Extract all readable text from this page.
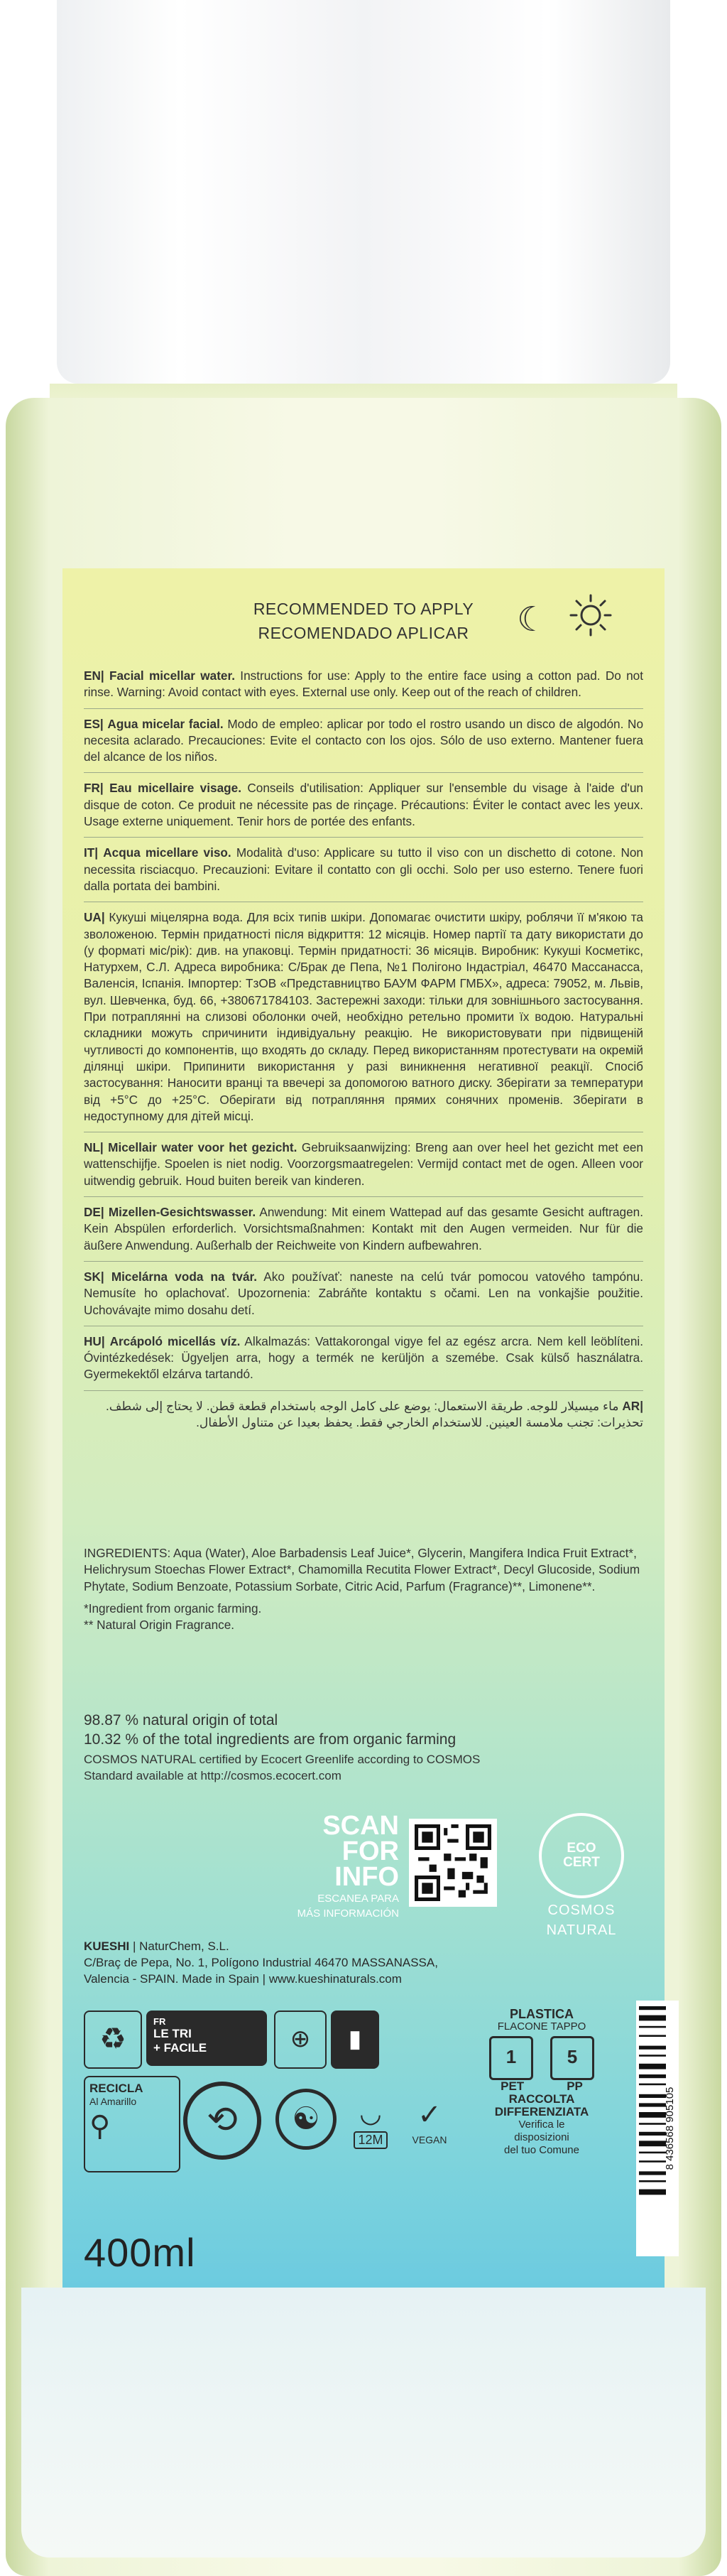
RECOMMENDED TO APPLY
RECOMENDADO APLICAR	☾

EN| Facial micellar water. Instructions for use: Apply to the entire face using a cotton pad. Do not rinse. Warning: Avoid contact with eyes. External use only. Keep out of the reach of children.

ES| Agua micelar facial. Modo de empleo: aplicar por todo el rostro usando un disco de algodón. No necesita aclarado. Precauciones: Evite el contacto con los ojos. Sólo de uso externo. Mantener fuera del alcance de los niños.

FR| Eau micellaire visage. Conseils d'utilisation: Appliquer sur l'ensemble du visage à l'aide d'un disque de coton. Ce produit ne nécessite pas de rinçage. Précautions: Éviter le contact avec les yeux. Usage externe uniquement. Tenir hors de portée des enfants.

IT| Acqua micellare viso. Modalità d'uso: Applicare su tutto il viso con un dischetto di cotone. Non necessita risciacquo. Precauzioni: Evitare il contatto con gli occhi. Solo per uso esterno. Tenere fuori dalla portata dei bambini.

UA| Кукуші міцелярна вода. Для всіх типів шкіри. Допомагає очистити шкіру, роблячи її м'якою та зволоженою. Термін придатності після відкриття: 12 місяців. Номер партії та дату використати до (у форматі міс/рік): див. на упаковці. Термін придатності: 36 місяців. Виробник: Кукуші Косметікс, Натурхем, С.Л. Адреса виробника: С/Брак де Пепа, №1 Полігоно Індастріал, 46470 Массанасса, Валенсія, Іспанія. Імпортер: ТзОВ «Представництво БАУМ ФАРМ ГМБХ», адреса: 79052, м. Львів, вул. Шевченка, буд. 66, +380671784103. Застережні заходи: тільки для зовнішнього застосування. При потраплянні на слизові оболонки очей, необхідно ретельно промити їх водою. Натуральні складники можуть спричинити індивідуальну реакцію. Не використовувати при підвищеній чутливості до компонентів, що входять до складу. Перед використанням протестувати на окремій ділянці шкіри. Припинити використання у разі виникнення негативної реакції. Спосіб застосування: Наносити вранці та ввечері за допомогою ватного диску. Зберігати за температури від +5°С до +25°С. Оберігати від потрапляння прямих сонячних променів. Зберігати в недоступному для дітей місці.

NL| Micellair water voor het gezicht. Gebruiksaanwijzing: Breng aan over heel het gezicht met een wattenschijfje. Spoelen is niet nodig. Voorzorgsmaatregelen: Vermijd contact met de ogen. Alleen voor uitwendig gebruik. Houd buiten bereik van kinderen.

DE| Mizellen-Gesichtswasser. Anwendung: Mit einem Wattepad auf das gesamte Gesicht auftragen. Kein Abspülen erforderlich. Vorsichtsmaßnahmen: Kontakt mit den Augen vermeiden. Nur für die äußere Anwendung. Außerhalb der Reichweite von Kindern aufbewahren.

SK| Micelárna voda na tvár. Ako používať: naneste na celú tvár pomocou vatového tampónu. Nemusíte ho oplachovať. Upozornenia: Zabráňte kontaktu s očami. Len na vonkajšie použitie. Uchovávajte mimo dosahu detí.

HU| Arcápoló micellás víz. Alkalmazás: Vattakorongal vigye fel az egész arcra. Nem kell leöblíteni. Óvintézkedések: Ügyeljen arra, hogy a termék ne kerüljön a szemébe. Csak külső használatra. Gyermekektől elzárva tartandó.

|AR ماء ميسيلار للوجه. طريقة الاستعمال: يوضع على كامل الوجه باستخدام قطعة قطن. لا يحتاج إلى شطف. تحذيرات: تجنب ملامسة العينين. للاستخدام الخارجي فقط. يحفظ بعيدا عن متناول الأطفال.

INGREDIENTS: Aqua (Water), Aloe Barbadensis Leaf Juice*, Glycerin, Mangifera Indica Fruit Extract*, Helichrysum Stoechas Flower Extract*, Chamomilla Recutita Flower Extract*, Decyl Glucoside, Sodium Phytate, Sodium Benzoate, Potassium Sorbate, Citric Acid, Parfum (Fragrance)**, Limonene**.

*Ingredient from organic farming.

** Natural Origin Fragrance.

98.87 % natural origin of total
10.32 % of the total ingredients are from organic farming
COSMOS NATURAL certified by Ecocert Greenlife according to COSMOS Standard available at http://cosmos.ecocert.com
SCAN
FOR
INFO
ESCANEA PARA
MÁS INFORMACIÓN
ECO
CERT
COSMOS
NATURAL
KUESHI | NaturChem, S.L.
C/Braç de Pepa, No. 1, Polígono Industrial 46470 MASSANASSA,
Valencia - SPAIN. Made in Spain | www.kueshinaturals.com
♻
FR
LE TRI
+ FACILE	⊕	▮
RECICLA
Al Amarillo
⚲	⟲	☯	◡
12M
✓
VEGAN
PLASTICA
FLACONE TAPPO
1	5
PET	PP
RACCOLTA
DIFFERENZIATA
Verifica le
disposizioni
del tuo Comune	8 436568 905105
400ml
